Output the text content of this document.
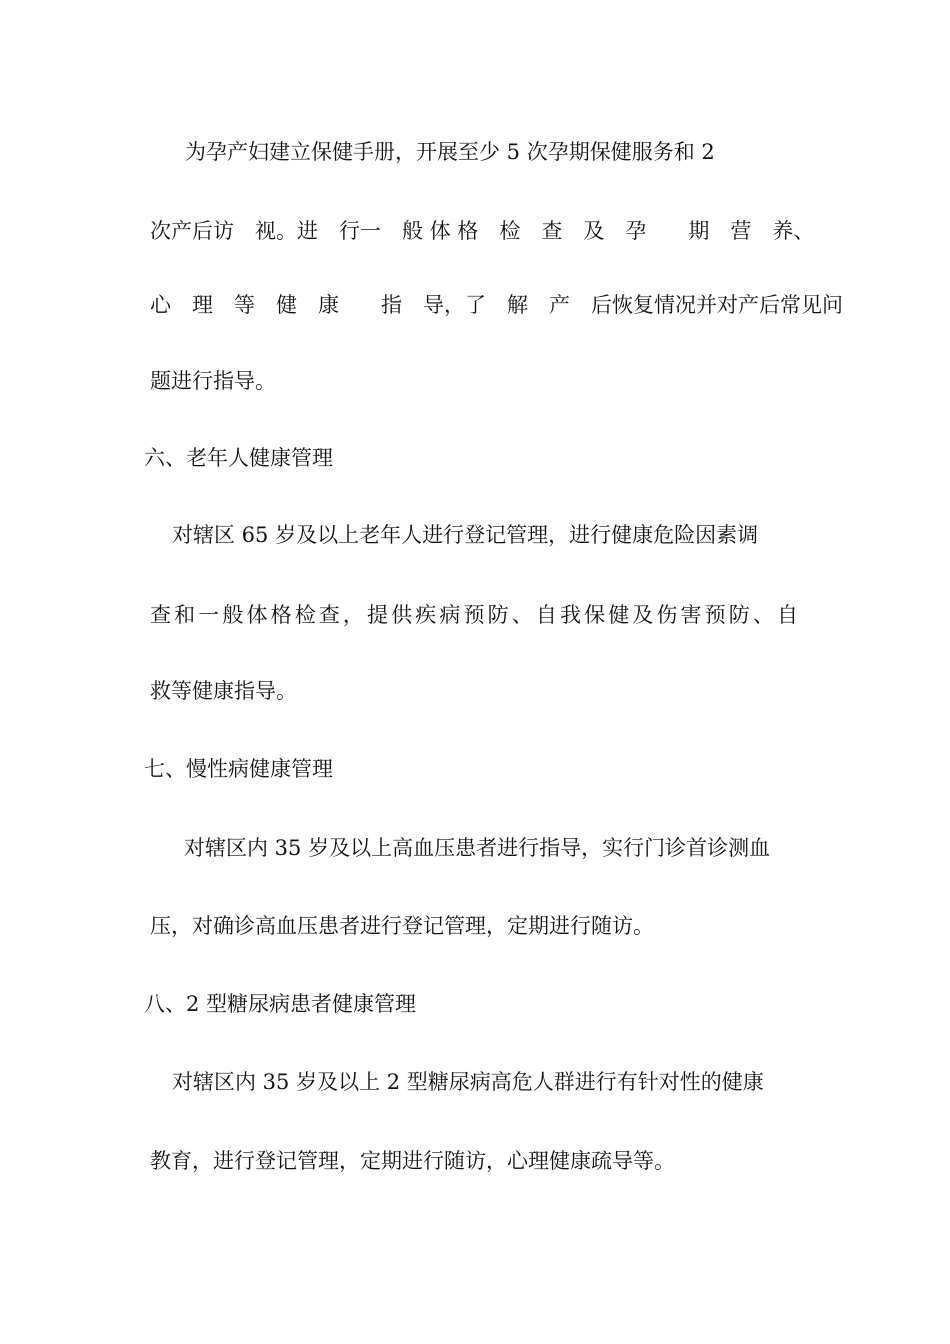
为孕产妇建立保健手册，开展至少 5 次孕期保健服务和 2
次产后访　视。进　行一　般 体 格　检　查　及　孕　　期　营　养、
心　理　等　健　康　　指　导，了　解　产　后恢复情况并对产后常见问
题进行指导。
六、老年人健康管理
对辖区 65 岁及以上老年人进行登记管理，进行健康危险因素调
查和一般体格检查，提供疾病预防、自我保健及伤害预防、自
救等健康指导。
七、慢性病健康管理
对辖区内 35 岁及以上高血压患者进行指导，实行门诊首诊测血
压，对确诊高血压患者进行登记管理，定期进行随访。
八、2 型糖尿病患者健康管理
对辖区内 35 岁及以上 2 型糖尿病高危人群进行有针对性的健康
教育，进行登记管理，定期进行随访，心理健康疏导等。
